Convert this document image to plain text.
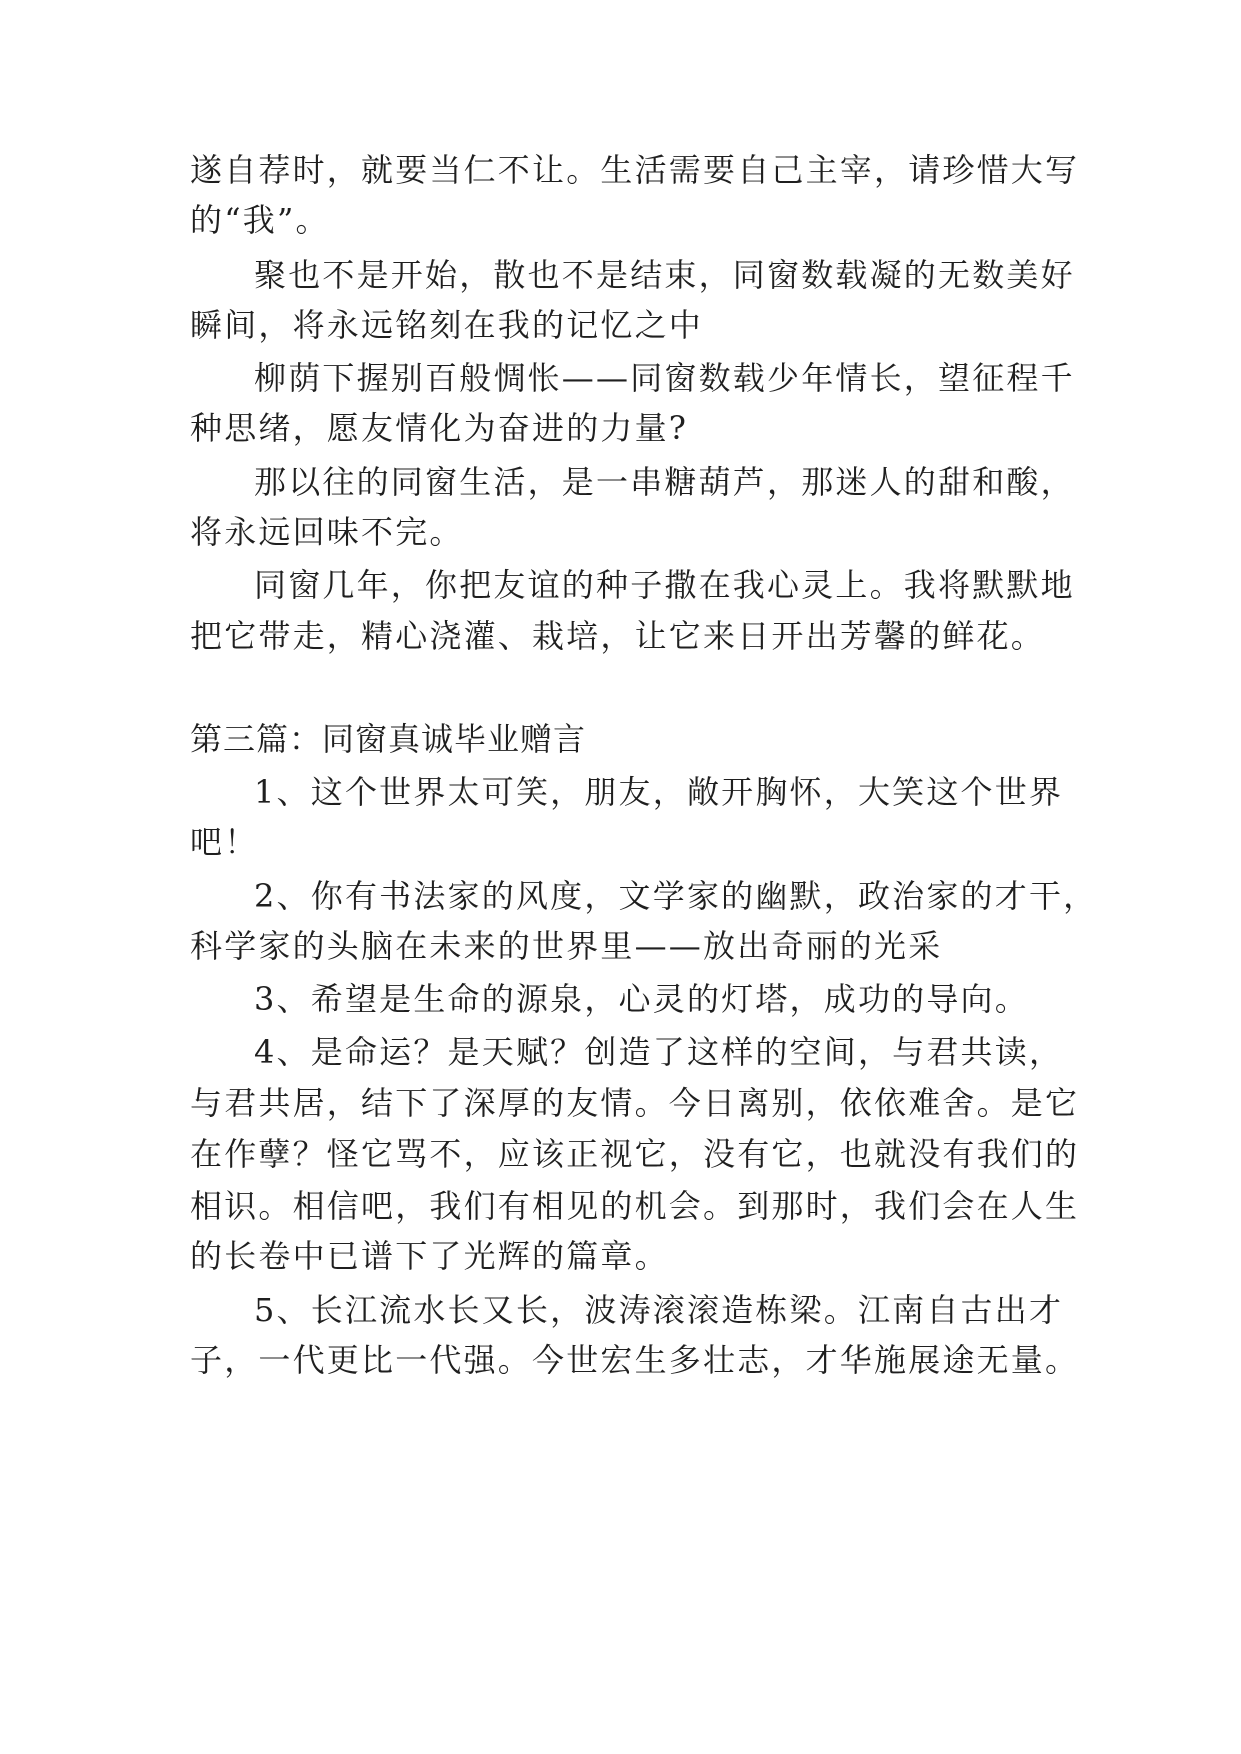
遂自荐时，就要当仁不让。生活需要自己主宰，请珍惜大写
的“我”。
聚也不是开始，散也不是结束，同窗数载凝的无数美好
瞬间，将永远铭刻在我的记忆之中
柳荫下握别百般惆怅——同窗数载少年情长，望征程千
种思绪，愿友情化为奋进的力量?
那以往的同窗生活，是一串糖葫芦，那迷人的甜和酸，
将永远回味不完。
同窗几年，你把友谊的种子撒在我心灵上。我将默默地
把它带走，精心浇灌、栽培，让它来日开出芳馨的鲜花。
第三篇：同窗真诚毕业赠言
1、这个世界太可笑，朋友，敞开胸怀，大笑这个世界
吧！
2、你有书法家的风度，文学家的幽默，政治家的才干，
科学家的头脑在未来的世界里——放出奇丽的光采
3、希望是生命的源泉，心灵的灯塔，成功的导向。
4、是命运？是天赋？创造了这样的空间，与君共读，
与君共居，结下了深厚的友情。今日离别，依依难舍。是它
在作孽？怪它骂不，应该正视它，没有它，也就没有我们的
相识。相信吧，我们有相见的机会。到那时，我们会在人生
的长卷中已谱下了光辉的篇章。
5、长江流水长又长，波涛滚滚造栋梁。江南自古出才
子，一代更比一代强。今世宏生多壮志，才华施展途无量。
